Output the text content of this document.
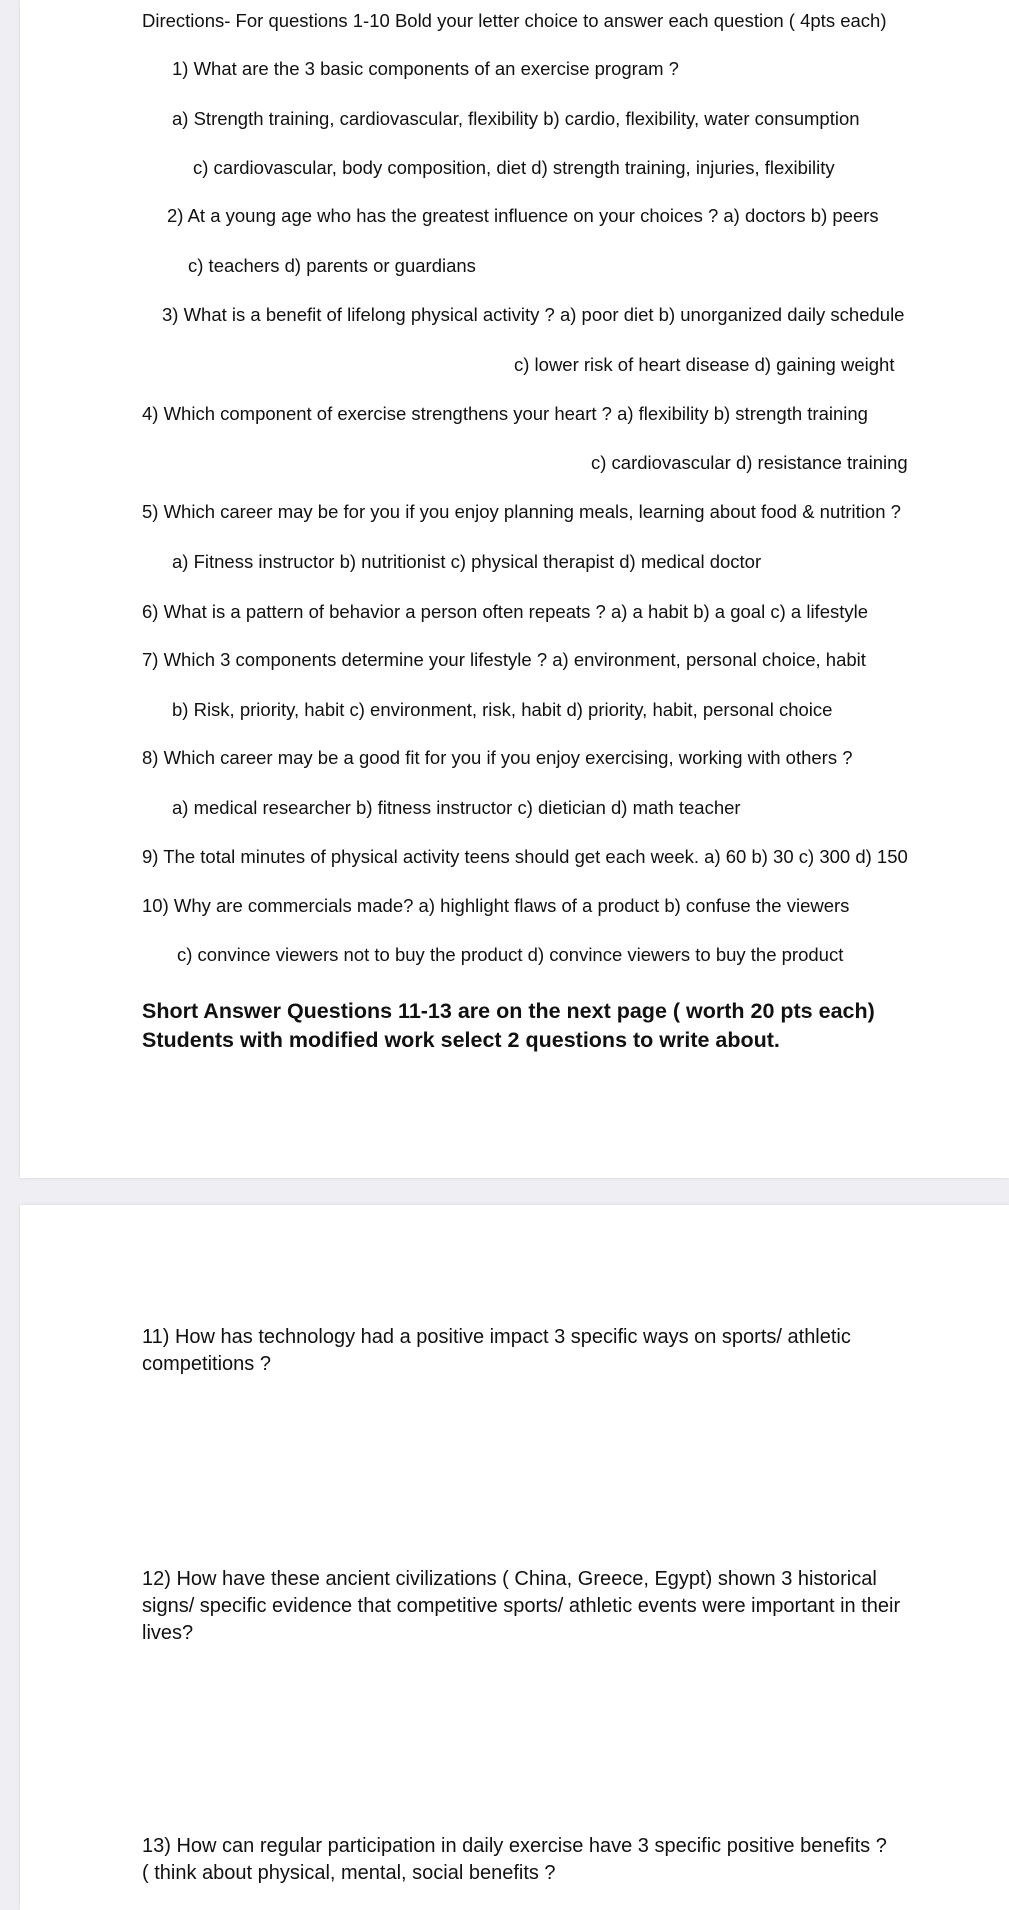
Directions- For questions 1-10 Bold your letter choice to answer each question ( 4pts each)
1) What are the 3 basic components of an exercise program ?
a) Strength training, cardiovascular, flexibility b) cardio, flexibility, water consumption
c) cardiovascular, body composition, diet d) strength training, injuries, flexibility
2) At a young age who has the greatest influence on your choices ? a) doctors b) peers
c) teachers d) parents or guardians
3) What is a benefit of lifelong physical activity ? a) poor diet b) unorganized daily schedule
c) lower risk of heart disease d) gaining weight
4) Which component of exercise strengthens your heart ? a) flexibility b) strength training
c) cardiovascular d) resistance training
5) Which career may be for you if you enjoy planning meals, learning about food & nutrition ?
a) Fitness instructor b) nutritionist c) physical therapist d) medical doctor
6) What is a pattern of behavior a person often repeats ? a) a habit b) a goal c) a lifestyle
7) Which 3 components determine your lifestyle ? a) environment, personal choice, habit
b) Risk, priority, habit c) environment, risk, habit d) priority, habit, personal choice
8) Which career may be a good fit for you if you enjoy exercising, working with others ?
a) medical researcher b) fitness instructor c) dietician d) math teacher
9) The total minutes of physical activity teens should get each week. a) 60 b) 30 c) 300 d) 150
10) Why are commercials made? a) highlight flaws of a product b) confuse the viewers
c) convince viewers not to buy the product d) convince viewers to buy the product
Short Answer Questions 11-13 are on the next page ( worth 20 pts each)
Students with modified work select 2 questions to write about.
11) How has technology had a positive impact 3 specific ways on sports/ athletic
competitions ?
12) How have these ancient civilizations ( China, Greece, Egypt) shown 3 historical
signs/ specific evidence that competitive sports/ athletic events were important in their
lives?
13) How can regular participation in daily exercise have 3 specific positive benefits ?
( think about physical, mental, social benefits ?
